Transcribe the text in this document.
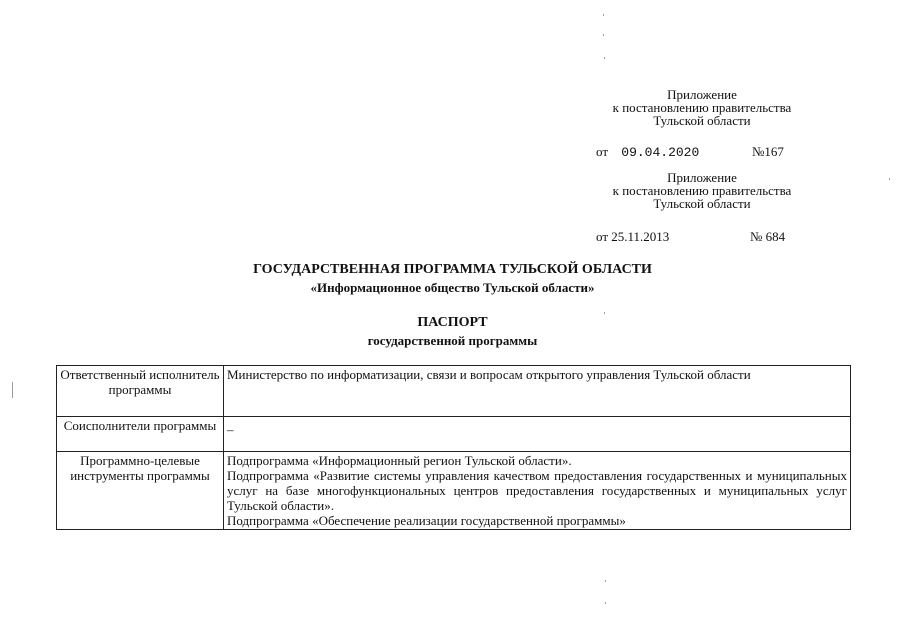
Приложение
к постановлению правительства
Тульской области
от 09.04.2020	№167
Приложение
к постановлению правительства
Тульской области
от 25.11.2013	№ 684
ГОСУДАРСТВЕННАЯ ПРОГРАММА ТУЛЬСКОЙ ОБЛАСТИ
«Информационное общество Тульской области»
ПАСПОРТ
государственной программы
Ответственный исполнитель программы	Министерство по информатизации, связи и вопросам открытого управления Тульской области

Соисполнители программы	–

Программно-целевые инструменты программы	Подпрограмма «Информационный регион Тульской области».
Подпрограмма «Развитие системы управления качеством предоставления государственных и муниципальных услуг на базе многофункциональных центров предоставления государственных и муниципальных услуг Тульской области».
Подпрограмма «Обеспечение реализации государственной программы»
